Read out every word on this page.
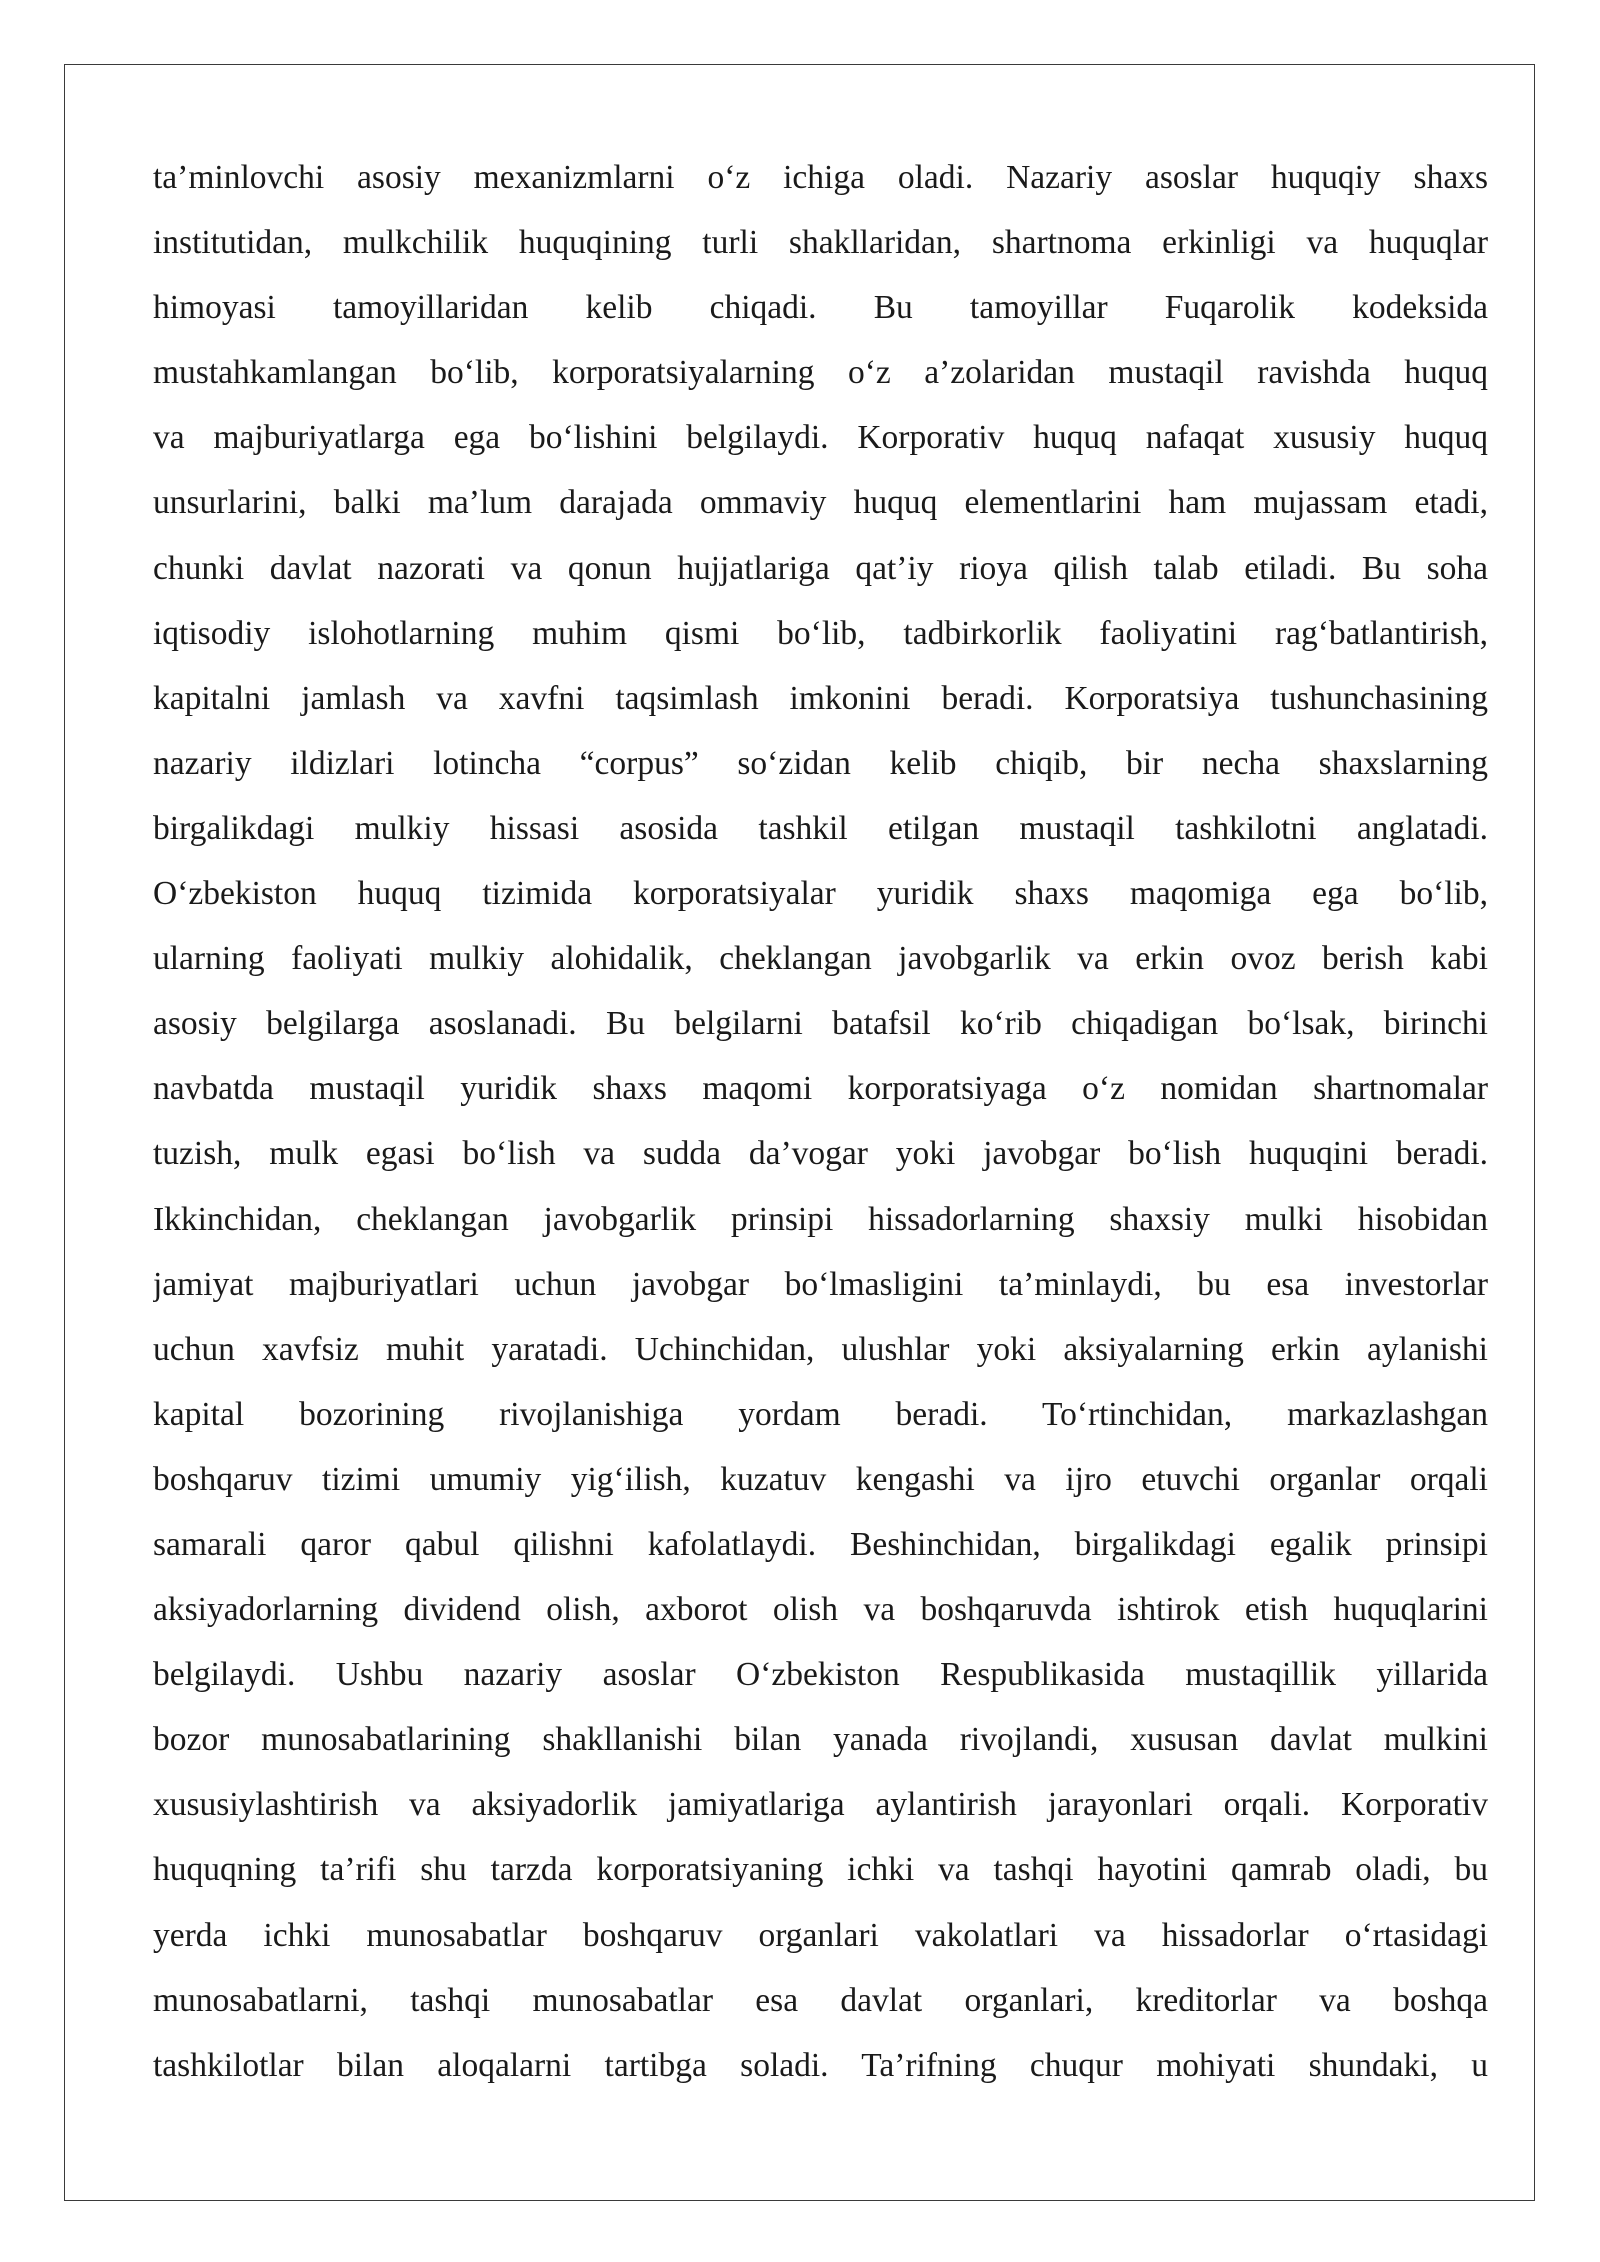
ta’minlovchi asosiy mexanizmlarni o‘z ichiga oladi. Nazariy asoslar huquqiy shaxs
institutidan, mulkchilik huquqining turli shakllaridan, shartnoma erkinligi va huquqlar
himoyasi tamoyillaridan kelib chiqadi. Bu tamoyillar Fuqarolik kodeksida
mustahkamlangan bo‘lib, korporatsiyalarning o‘z a’zolaridan mustaqil ravishda huquq
va majburiyatlarga ega bo‘lishini belgilaydi. Korporativ huquq nafaqat xususiy huquq
unsurlarini, balki ma’lum darajada ommaviy huquq elementlarini ham mujassam etadi,
chunki davlat nazorati va qonun hujjatlariga qat’iy rioya qilish talab etiladi. Bu soha
iqtisodiy islohotlarning muhim qismi bo‘lib, tadbirkorlik faoliyatini rag‘batlantirish,
kapitalni jamlash va xavfni taqsimlash imkonini beradi. Korporatsiya tushunchasining
nazariy ildizlari lotincha “corpus” so‘zidan kelib chiqib, bir necha shaxslarning
birgalikdagi mulkiy hissasi asosida tashkil etilgan mustaqil tashkilotni anglatadi.
O‘zbekiston huquq tizimida korporatsiyalar yuridik shaxs maqomiga ega bo‘lib,
ularning faoliyati mulkiy alohidalik, cheklangan javobgarlik va erkin ovoz berish kabi
asosiy belgilarga asoslanadi. Bu belgilarni batafsil ko‘rib chiqadigan bo‘lsak, birinchi
navbatda mustaqil yuridik shaxs maqomi korporatsiyaga o‘z nomidan shartnomalar
tuzish, mulk egasi bo‘lish va sudda da’vogar yoki javobgar bo‘lish huquqini beradi.
Ikkinchidan, cheklangan javobgarlik prinsipi hissadorlarning shaxsiy mulki hisobidan
jamiyat majburiyatlari uchun javobgar bo‘lmasligini ta’minlaydi, bu esa investorlar
uchun xavfsiz muhit yaratadi. Uchinchidan, ulushlar yoki aksiyalarning erkin aylanishi
kapital bozorining rivojlanishiga yordam beradi. To‘rtinchidan, markazlashgan
boshqaruv tizimi umumiy yig‘ilish, kuzatuv kengashi va ijro etuvchi organlar orqali
samarali qaror qabul qilishni kafolatlaydi. Beshinchidan, birgalikdagi egalik prinsipi
aksiyadorlarning dividend olish, axborot olish va boshqaruvda ishtirok etish huquqlarini
belgilaydi. Ushbu nazariy asoslar O‘zbekiston Respublikasida mustaqillik yillarida
bozor munosabatlarining shakllanishi bilan yanada rivojlandi, xususan davlat mulkini
xususiylashtirish va aksiyadorlik jamiyatlariga aylantirish jarayonlari orqali. Korporativ
huquqning ta’rifi shu tarzda korporatsiyaning ichki va tashqi hayotini qamrab oladi, bu
yerda ichki munosabatlar boshqaruv organlari vakolatlari va hissadorlar o‘rtasidagi
munosabatlarni, tashqi munosabatlar esa davlat organlari, kreditorlar va boshqa
tashkilotlar bilan aloqalarni tartibga soladi. Ta’rifning chuqur mohiyati shundaki, u
